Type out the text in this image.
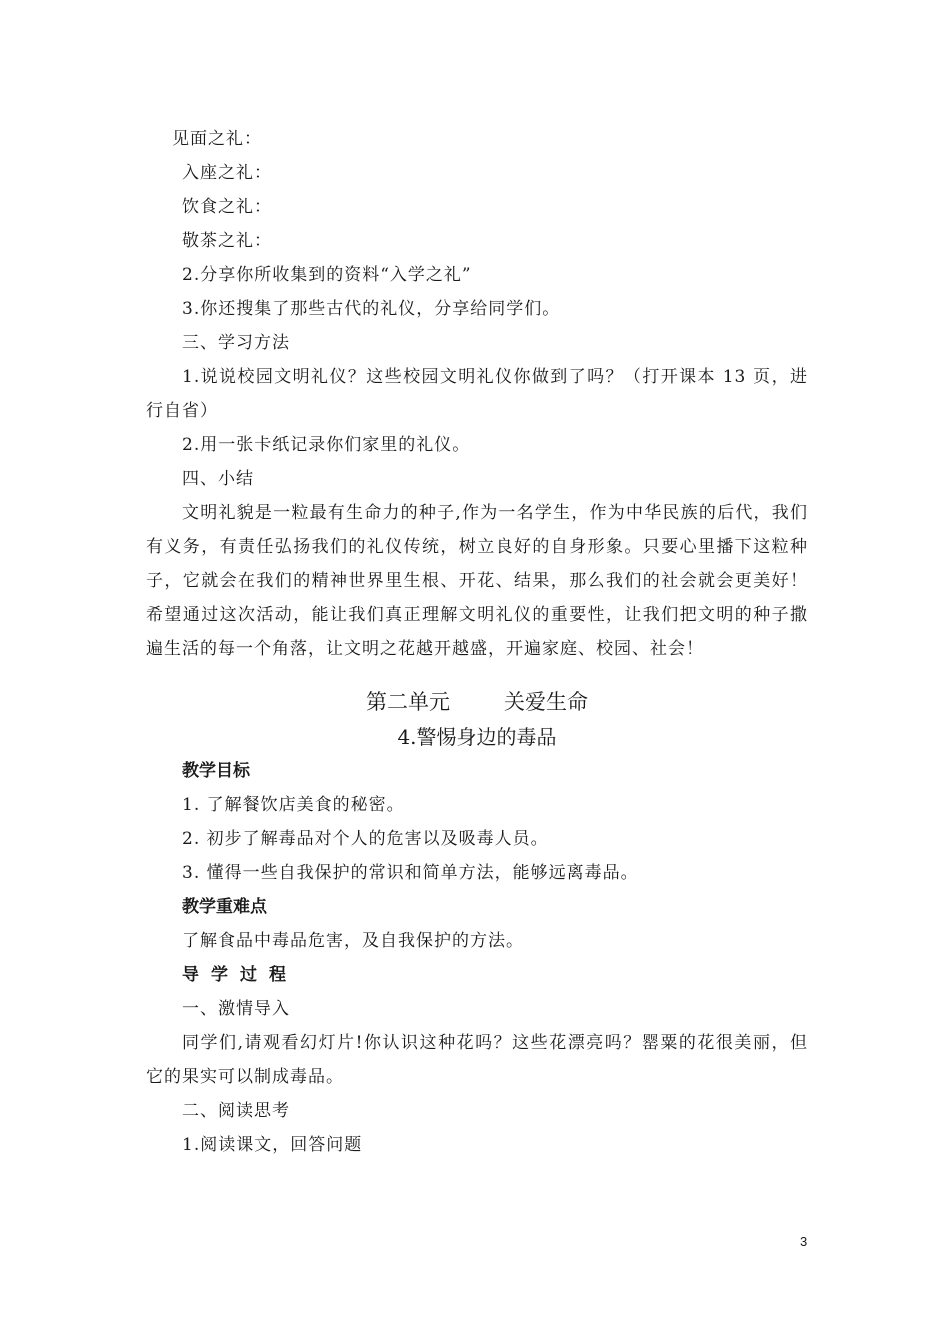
见面之礼：

入座之礼：

饮食之礼：

敬茶之礼：

2.分享你所收集到的资料“入学之礼”

3.你还搜集了那些古代的礼仪，分享给同学们。

三、学习方法

1.说说校园文明礼仪？这些校园文明礼仪你做到了吗？（打开课本 13 页，进行自省）

2.用一张卡纸记录你们家里的礼仪。

四、小结

文明礼貌是一粒最有生命力的种子,作为一名学生，作为中华民族的后代，我们有义务，有责任弘扬我们的礼仪传统，树立良好的自身形象。只要心里播下这粒种子，它就会在我们的精神世界里生根、开花、结果，那么我们的社会就会更美好！希望通过这次活动，能让我们真正理解文明礼仪的重要性，让我们把文明的种子撒遍生活的每一个角落，让文明之花越开越盛，开遍家庭、校园、社会！

第二单元	关爱生命

4.警惕身边的毒品

教学目标

1. 了解餐饮店美食的秘密。

2. 初步了解毒品对个人的危害以及吸毒人员。

3. 懂得一些自我保护的常识和简单方法，能够远离毒品。

教学重难点

了解食品中毒品危害，及自我保护的方法。

导学过程

一、激情导入

同学们,请观看幻灯片!你认识这种花吗？这些花漂亮吗？罂粟的花很美丽，但它的果实可以制成毒品。

二、阅读思考

1.阅读课文，回答问题

3
